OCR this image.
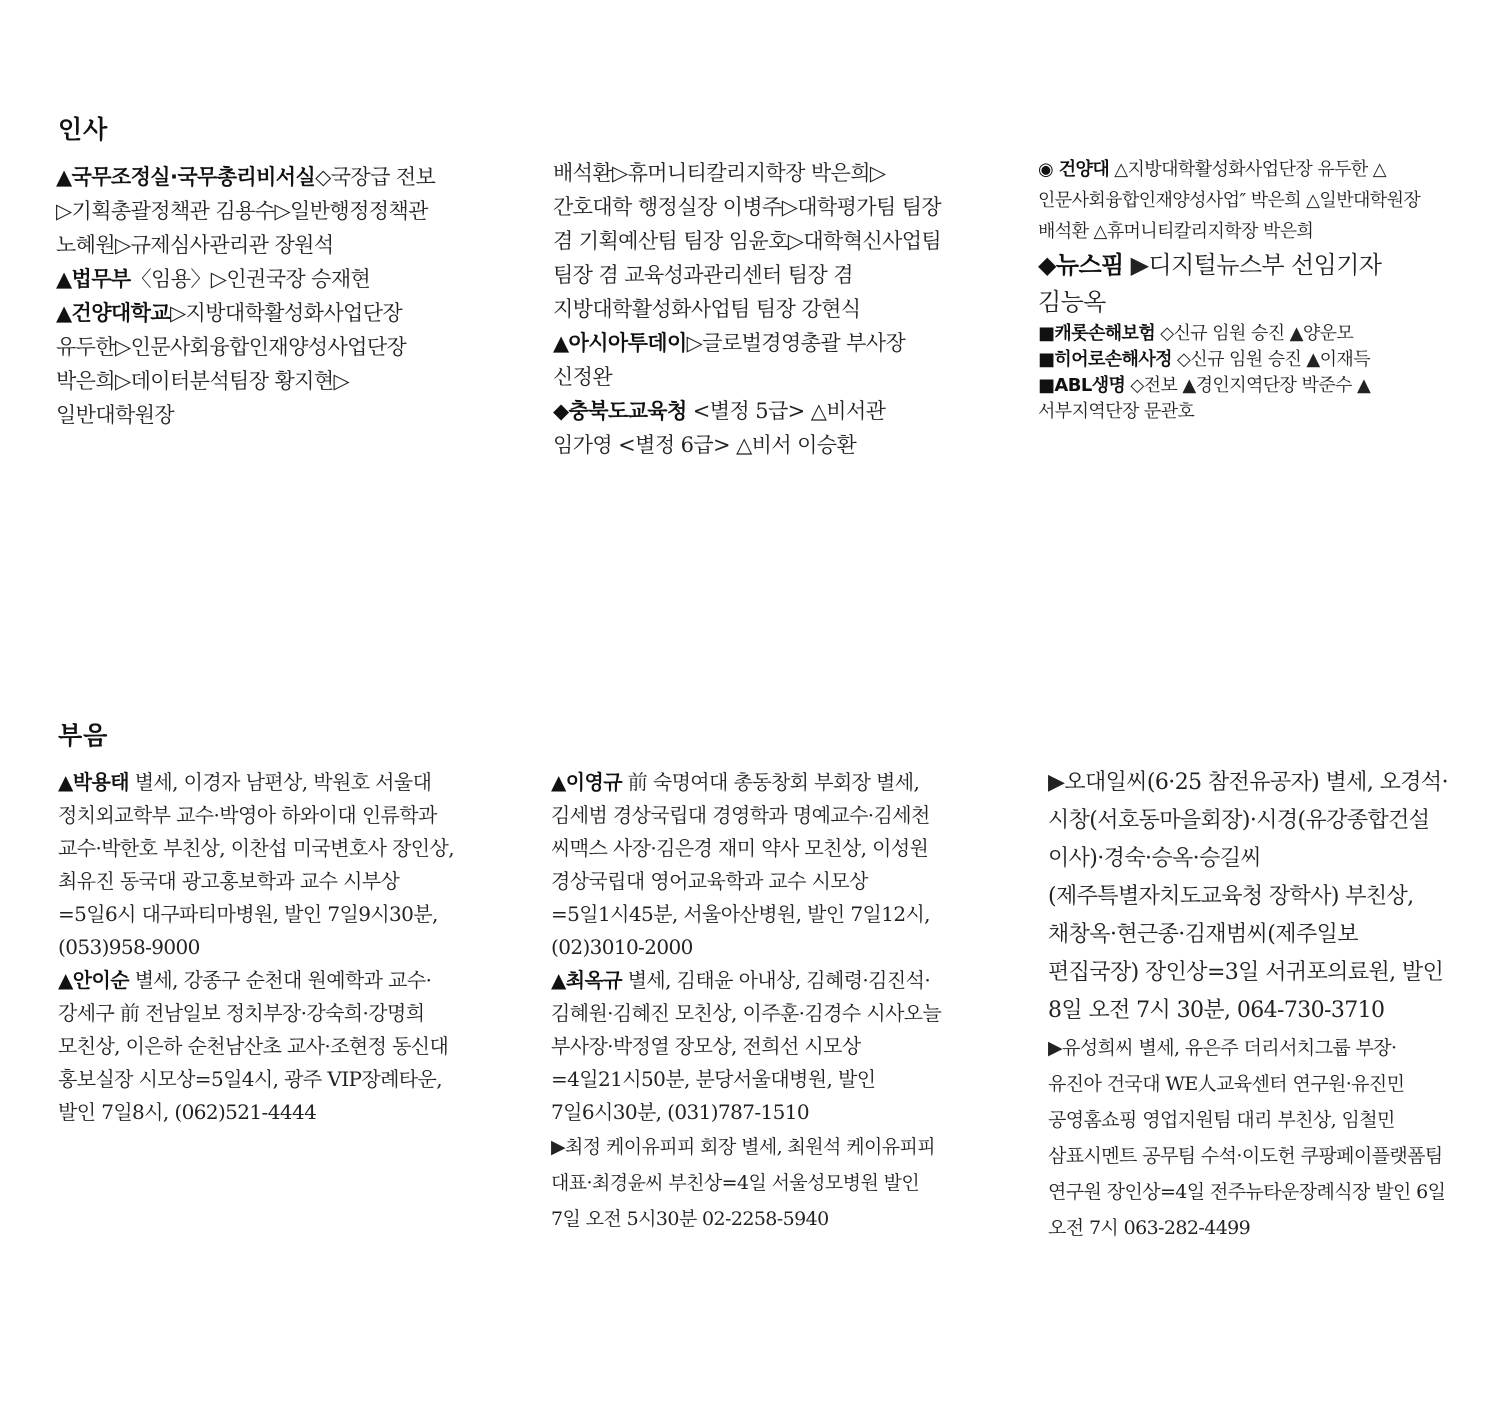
인사

▲국무조정실·국무총리비서실◇국장급 전보▷기획총괄정책관 김용수▷일반행정정책관 노혜원▷규제심사관리관 장원석

▲법무부〈임용〉▷인권국장 승재현

▲건양대학교▷지방대학활성화사업단장 유두한▷인문사회융합인재양성사업단장 박은희▷데이터분석팀장 황지현▷일반대학원장

배석환▷휴머니티칼리지학장 박은희▷간호대학 행정실장 이병주▷대학평가팀 팀장 겸 기획예산팀 팀장 임윤호▷대학혁신사업팀 팀장 겸 교육성과관리센터 팀장 겸 지방대학활성화사업팀 팀장 강현식

▲아시아투데이▷글로벌경영총괄 부사장 신정완

◆충북도교육청 <별정 5급> △비서관 임가영 <별정 6급> △비서 이승환

◉ 건양대 △지방대학활성화사업단장 유두한 △인문사회융합인재양성사업″ 박은희 △일반대학원장 배석환 △휴머니티칼리지학장 박은희

◆뉴스핌 ▶디지털뉴스부 선임기자 김능옥

■캐롯손해보험 ◇신규 임원 승진 ▲양운모

■히어로손해사정 ◇신규 임원 승진 ▲이재득

■ABL생명 ◇전보 ▲경인지역단장 박준수 ▲서부지역단장 문관호

부음

▲박용태 별세, 이경자 남편상, 박원호 서울대 정치외교학부 교수·박영아 하와이대 인류학과 교수·박한호 부친상, 이찬섭 미국변호사 장인상, 최유진 동국대 광고홍보학과 교수 시부상=5일6시 대구파티마병원, 발인 7일9시30분, (053)958-9000

▲안이순 별세, 강종구 순천대 원예학과 교수·강세구 前 전남일보 정치부장·강숙희·강명희 모친상, 이은하 순천남산초 교사·조현정 동신대 홍보실장 시모상=5일4시, 광주 VIP장례타운, 발인 7일8시, (062)521-4444

▲이영규 前 숙명여대 총동창회 부회장 별세, 김세범 경상국립대 경영학과 명예교수·김세천 씨맥스 사장·김은경 재미 약사 모친상, 이성원 경상국립대 영어교육학과 교수 시모상=5일1시45분, 서울아산병원, 발인 7일12시, (02)3010-2000

▲최옥규 별세, 김태윤 아내상, 김혜령·김진석·김혜원·김혜진 모친상, 이주훈·김경수 시사오늘 부사장·박정열 장모상, 전희선 시모상=4일21시50분, 분당서울대병원, 발인 7일6시30분, (031)787-1510

▶최정 케이유피피 회장 별세, 최원석 케이유피피 대표·최경윤씨 부친상=4일 서울성모병원 발인 7일 오전 5시30분 02-2258-5940

▶오대일씨(6·25 참전유공자) 별세, 오경석·시창(서호동마을회장)·시경(유강종합건설 이사)·경숙·승옥·승길씨(제주특별자치도교육청 장학사) 부친상, 채창옥·현근종·김재범씨(제주일보 편집국장) 장인상=3일 서귀포의료원, 발인 8일 오전 7시 30분, 064-730-3710

▶유성희씨 별세, 유은주 더리서치그룹 부장·유진아 건국대 WE人교육센터 연구원·유진민 공영홈쇼핑 영업지원팀 대리 부친상, 임철민 삼표시멘트 공무팀 수석·이도헌 쿠팡페이플랫폼팀 연구원 장인상=4일 전주뉴타운장례식장 발인 6일 오전 7시 063-282-4499
